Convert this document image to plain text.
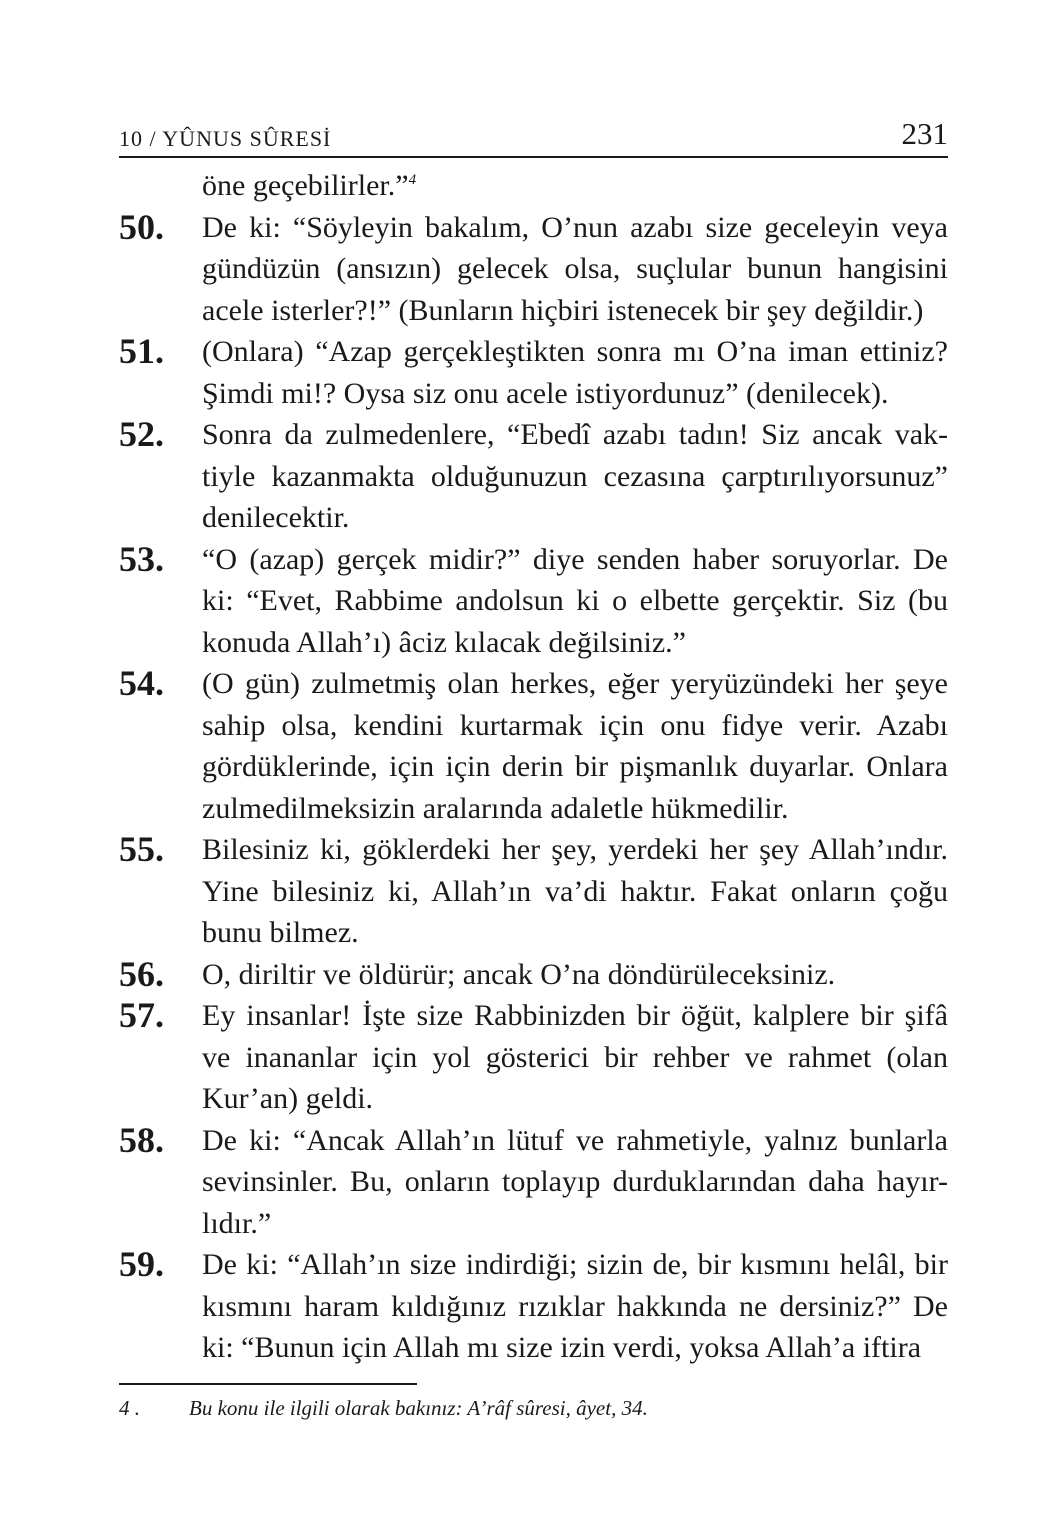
10 / YÛNUS SÛRESİ	231
öne geçebilirler.”$^4$
50. De ki: “Söyleyin bakalım, O’nun azabı size geceleyin veya gündüzün (ansızın) gelecek olsa, suçlular bunun hangisini acele isterler?!” (Bunların hiçbiri istenecek bir şey değildir.)
51. (Onlara) “Azap gerçekleştikten sonra mı O’na iman ettiniz? Şimdi mi!? Oysa siz onu acele istiyordunuz” (denilecek).
52. Sonra da zulmedenlere, “Ebedî azabı tadın! Siz ancak vak-tiyle kazanmakta olduğunuzun cezasına çarptırılıyorsunuz” denilecektir.
53. “O (azap) gerçek midir?” diye senden haber soruyorlar. De ki: “Evet, Rabbime andolsun ki o elbette gerçektir. Siz (bu konuda Allah’ı) âciz kılacak değilsiniz.”
54. (O gün) zulmetmiş olan herkes, eğer yeryüzündeki her şeye sahip olsa, kendini kurtarmak için onu fidye verir. Azabı gördüklerinde, için için derin bir pişmanlık duyarlar. Onlara zulmedilmeksizin aralarında adaletle hükmedilir.
55. Bilesiniz ki, göklerdeki her şey, yerdeki her şey Allah’ındır. Yine bilesiniz ki, Allah’ın va’di haktır. Fakat onların çoğu bunu bilmez.
56. O, diriltir ve öldürür; ancak O’na döndürüleceksiniz.
57. Ey insanlar! İşte size Rabbinizden bir öğüt, kalplere bir şifâ ve inananlar için yol gösterici bir rehber ve rahmet (olan Kur’an) geldi.
58. De ki: “Ancak Allah’ın lütuf ve rahmetiyle, yalnız bunlarla sevinsinler. Bu, onların toplayıp durduklarından daha hayır-lıdır.”
59. De ki: “Allah’ın size indirdiği; sizin de, bir kısmını helâl, bir kısmını haram kıldığınız rızıklar hakkında ne dersiniz?” De ki: “Bunun için Allah mı size izin verdi, yoksa Allah’a iftira
4 . Bu konu ile ilgili olarak bakınız: A’râf sûresi, âyet, 34.
